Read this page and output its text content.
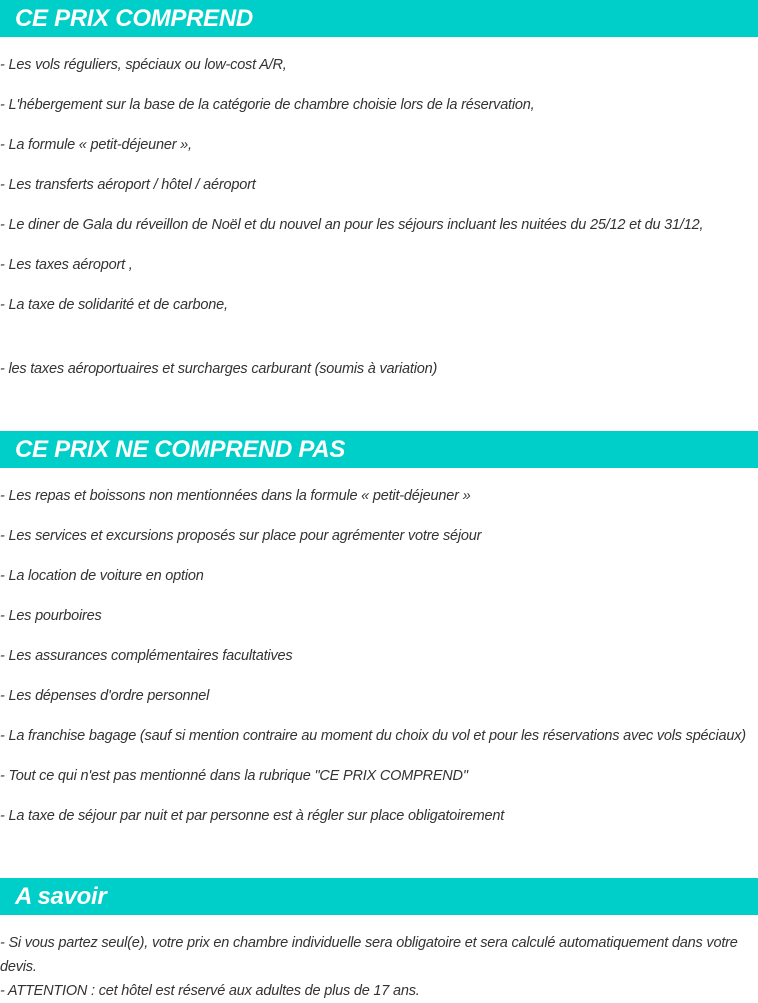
CE PRIX COMPREND
- Les vols réguliers, spéciaux ou low-cost A/R,
- L'hébergement sur la base de la catégorie de chambre choisie lors de la réservation,
- La formule « petit-déjeuner »,
- Les transferts aéroport / hôtel / aéroport
- Le diner de Gala du réveillon de Noël et du nouvel an pour les séjours incluant les nuitées du 25/12 et du 31/12,
- Les taxes aéroport ,
- La taxe de solidarité et de carbone,
- les taxes aéroportuaires et surcharges carburant (soumis à variation)
CE PRIX NE COMPREND PAS
- Les repas et boissons non mentionnées dans la formule « petit-déjeuner »
- Les services et excursions proposés sur place pour agrémenter votre séjour
- La location de voiture en option
- Les pourboires
- Les assurances complémentaires facultatives
- Les dépenses d'ordre personnel
- La franchise bagage (sauf si mention contraire au moment du choix du vol et pour les réservations avec vols spéciaux)
- Tout ce qui n'est pas mentionné dans la rubrique "CE PRIX COMPREND"
- La taxe de séjour par nuit et par personne est à régler sur place obligatoirement
A savoir
- Si vous partez seul(e), votre prix en chambre individuelle sera obligatoire et sera calculé automatiquement dans votre devis.
- ATTENTION : cet hôtel est réservé aux adultes de plus de 17 ans.
